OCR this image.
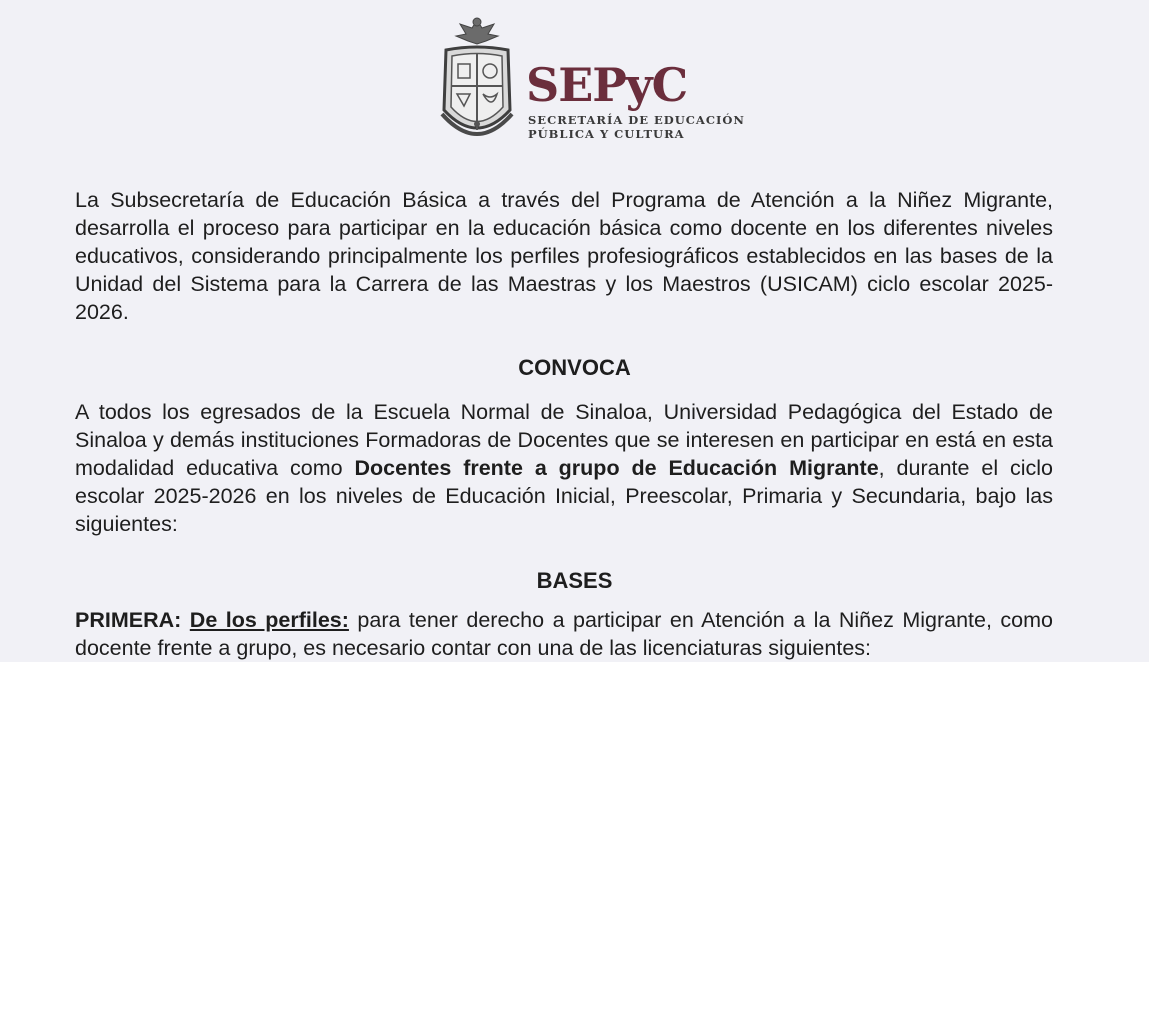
SEPyC
SECRETARÍA DE EDUCACIÓN
PÚBLICA Y CULTURA
La Subsecretaría de Educación Básica a través del Programa de Atención a la Niñez Migrante, desarrolla el proceso para participar en la educación básica como docente en los diferentes niveles educativos, considerando principalmente los perfiles profesiográficos establecidos en las bases de la Unidad del Sistema para la Carrera de las Maestras y los Maestros (USICAM) ciclo escolar 2025-2026.
CONVOCA
A todos los egresados de la Escuela Normal de Sinaloa, Universidad Pedagógica del Estado de Sinaloa y demás instituciones Formadoras de Docentes que se interesen en participar en está en esta modalidad educativa como Docentes frente a grupo de Educación Migrante, durante el ciclo escolar 2025-2026 en los niveles de Educación Inicial, Preescolar, Primaria y Secundaria, bajo las siguientes:
BASES
PRIMERA: De los perfiles: para tener derecho a participar en Atención a la Niñez Migrante, como docente frente a grupo, es necesario contar con una de las licenciaturas siguientes:
